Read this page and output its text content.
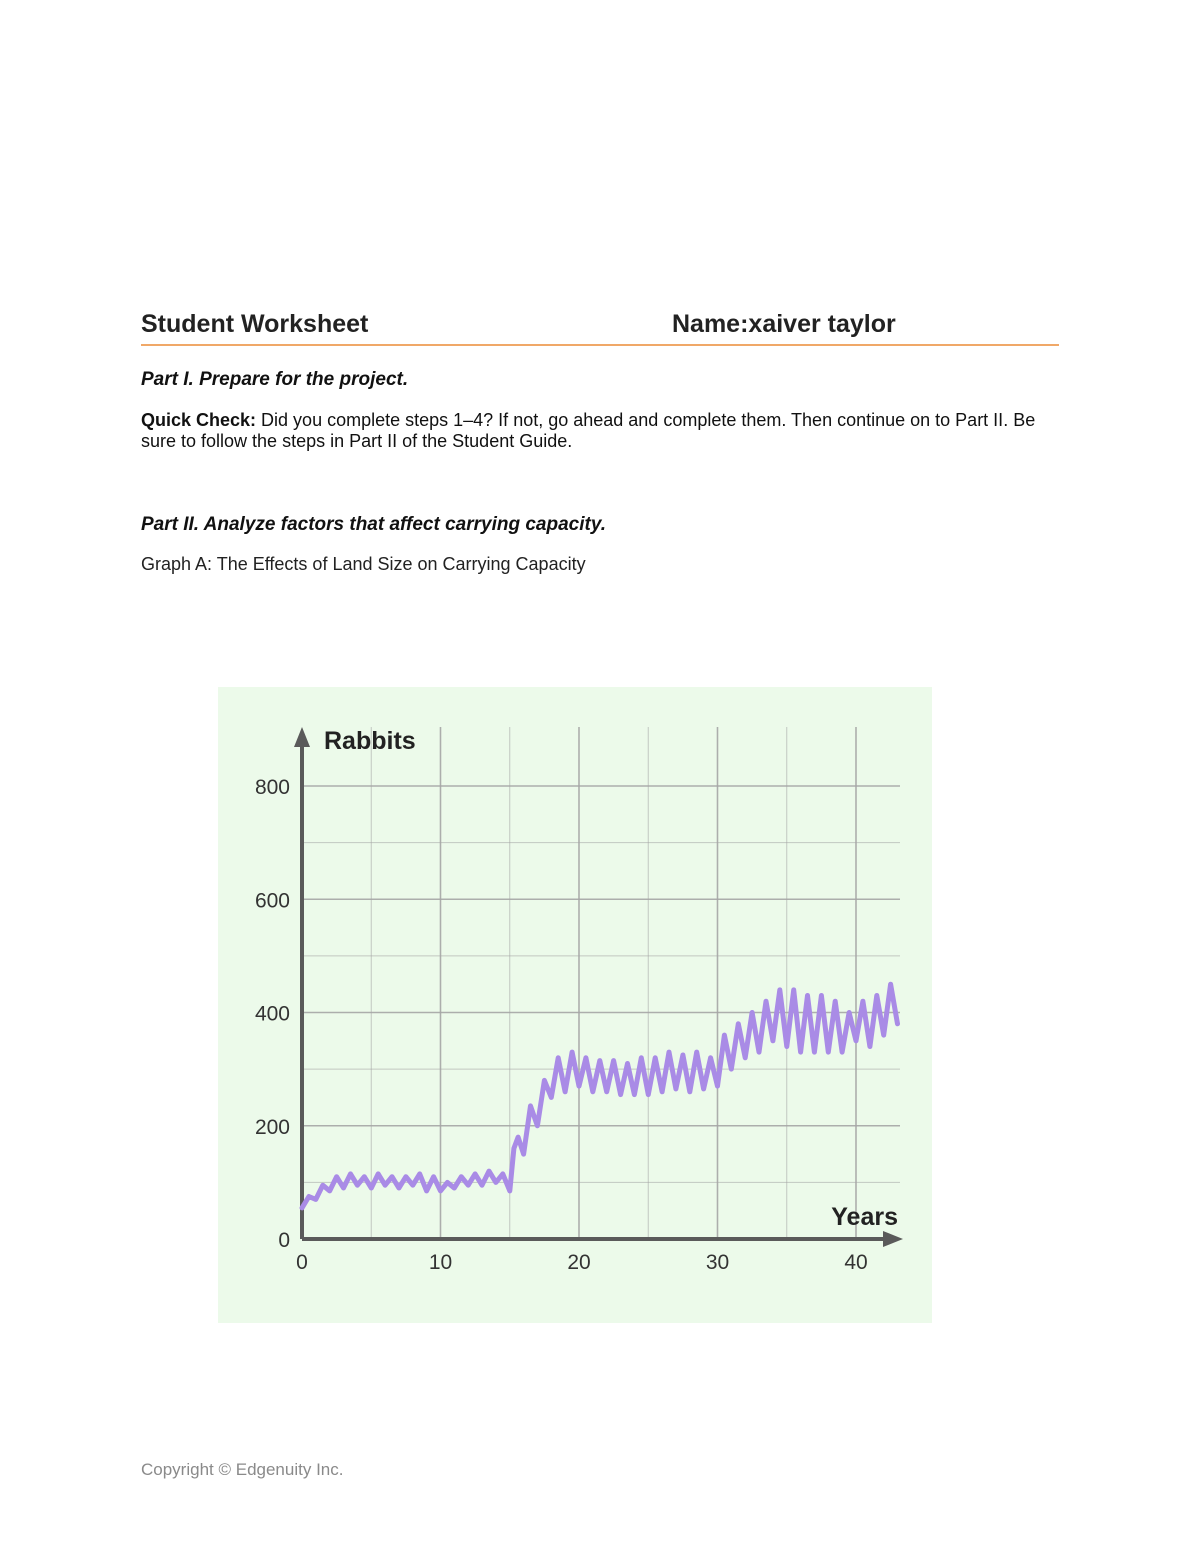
Student Worksheet	Name:xaiver taylor
Part I. Prepare for the project.
Quick Check: Did you complete steps 1–4? If not, go ahead and complete them. Then continue on to Part II. Be sure to follow the steps in Part II of the Student Guide.
Part II. Analyze factors that affect carrying capacity.
Graph A: The Effects of Land Size on Carrying Capacity
0	10	20	30	40
0
200
400
600
800
Rabbits
Years
Copyright © Edgenuity Inc.
